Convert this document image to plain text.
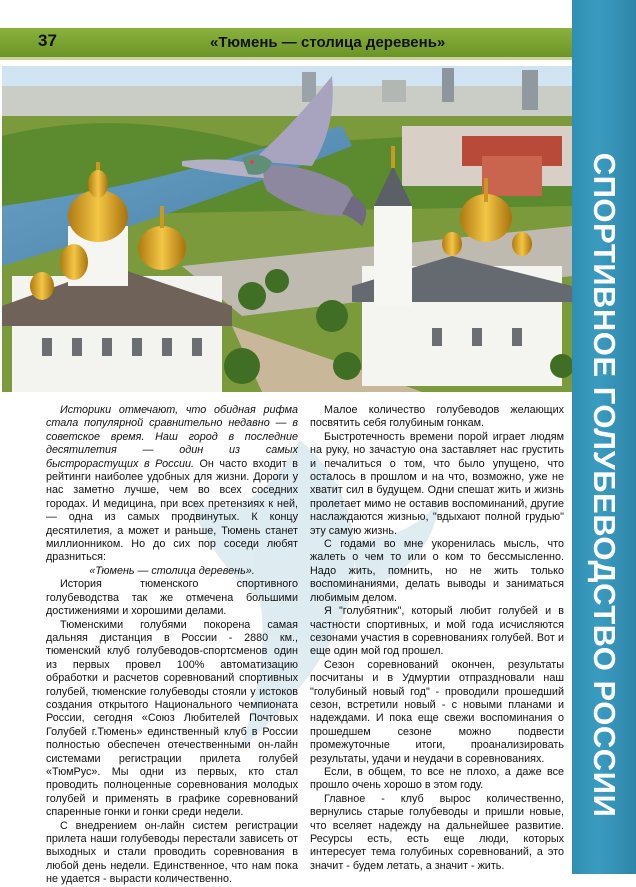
37	«Тюмень — столица деревень»
СПОРТИВНОЕ ГОЛУБЕВОДСТВО РОССИИ

Историки отмечают, что обидная рифма стала популярной сравнительно недавно — в советское время. Наш город в последние десятилетия — один из самых быстрорастущих в России. Он часто входит в рейтинги наиболее удобных для жизни. Дороги у нас заметно лучше, чем во всех соседних городах. И медицина, при всех претензиях к ней, — одна из самых продвинутых. К концу десятилетия, а может и раньше, Тюмень станет миллионником. Но до сих пор соседи любят дразниться:

«Тюмень — столица деревень».

История тюменского спортивного голубеводства так же отмечена большими достижениями и хорошими делами.

Тюменскими голубями покорена самая дальняя дистанция в России - 2880 км., тюменский клуб голубеводов-спортсменов один из первых провел 100% автоматизацию обработки и расчетов соревнований спортивных голубей, тюменские голубеводы стояли у истоков создания открытого Национального чемпионата России, сегодня «Союз Любителей Почтовых Голубей г.Тюмень» единственный клуб в России полностью обеспечен отечественными он-лайн системами регистрации прилета голубей «ТюмРус». Мы одни из первых, кто стал проводить полноценные соревнования молодых голубей и применять в графике соревнований спаренные гонки и гонки среди недели.

С внедрением он-лайн систем регистрации прилета наши голубеводы перестали зависеть от выходных и стали проводить соревнования в любой день недели. Единственное, что нам пока не удается - вырасти количественно.

Малое количество голубеводов желающих посвятить себя голубиным гонкам.

Быстротечность времени порой играет людям на руку, но зачастую она заставляет нас грустить и печалиться о том, что было упущено, что осталось в прошлом и на что, возможно, уже не хватит сил в будущем. Одни спешат жить и жизнь пролетает мимо не оставив воспоминаний, другие наслаждаются жизнью, "вдыхают полной грудью" эту самую жизнь.

С годами во мне укоренилась мысль, что жалеть о чем то или о ком то бессмысленно. Надо жить, помнить, но не жить только воспоминаниями, делать выводы и заниматься любимым делом.

Я "голубятник", который любит голубей и в частности спортивных, и мой года исчисляются сезонами участия в соревнованиях голубей. Вот и еще один мой год прошел.

Сезон соревнований окончен, результаты посчитаны и в Удмуртии отпраздновали наш "голубиный новый год" - проводили прошедший сезон, встретили новый - с новыми планами и надеждами. И пока еще свежи воспоминания о прошедшем сезоне можно подвести промежуточные итоги, проанализировать результаты, удачи и неудачи в соревнованиях.

Если, в общем, то все не плохо, а даже все прошло очень хорошо в этом году.

Главное - клуб вырос количественно, вернулись старые голубеводы и пришли новые, что вселяет надежду на дальнейшее развитие. Ресурсы есть, есть еще люди, которых интересует тема голубиных соревнований, а это значит - будем летать, а значит - жить.
